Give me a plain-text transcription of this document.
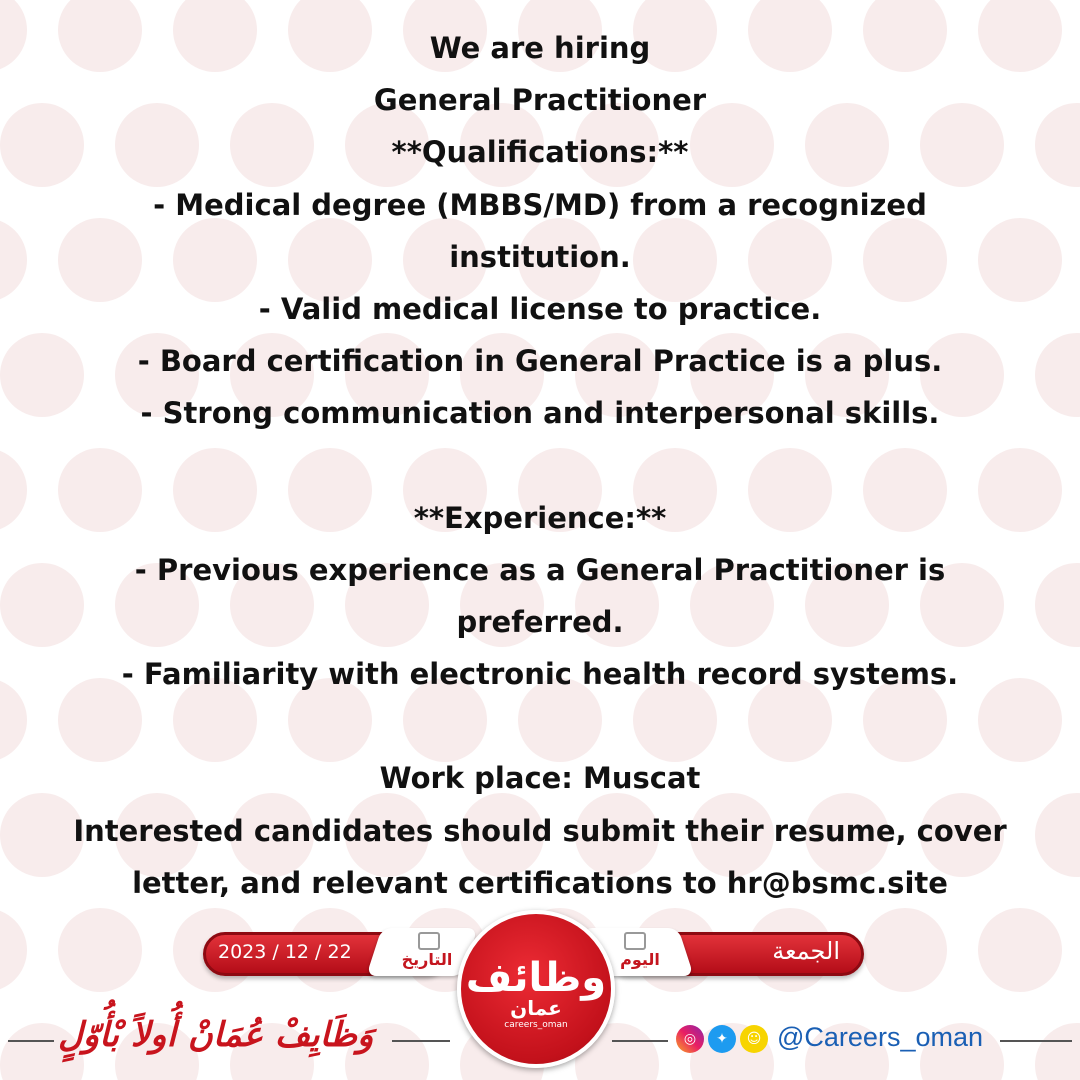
We are hiring
General Practitioner
**Qualifications:**
- Medical degree (MBBS/MD) from a recognized institution.
- Valid medical license to practice.
- Board certification in General Practice is a plus.
- Strong communication and interpersonal skills.
**Experience:**
- Previous experience as a General Practitioner is preferred.
- Familiarity with electronic health record systems.
Work place: Muscat
Interested candidates should submit their resume, cover letter, and relevant certifications to hr@bsmc.site
2023 / 12 / 22	الجمعة
التاريخ	اليوم
وظائف
عمان
careers_oman
وَظَايِفْ عُمَانْ أُولاً بْأُوّلٍ	◎	✦	☺ @Careers_oman
